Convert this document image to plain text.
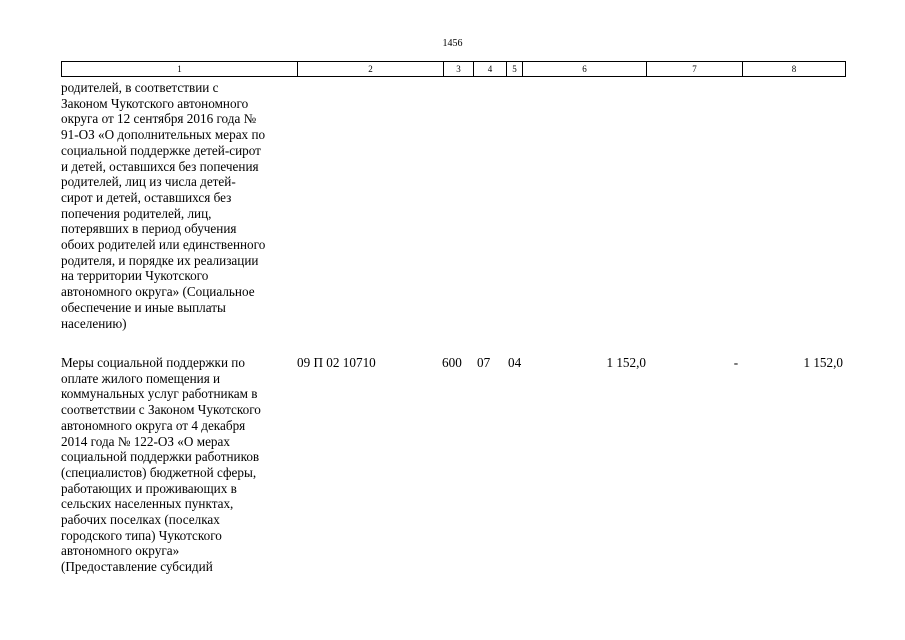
1456
1	2	3	4	5	6	7	8
родителей, в соответствии с
Законом Чукотского автономного
округа от 12 сентября 2016 года №
91-ОЗ «О дополнительных мерах по
социальной поддержке детей-сирот
и детей, оставшихся без попечения
родителей, лиц из числа детей-
сирот и детей, оставшихся без
попечения родителей, лиц,
потерявших в период обучения
обоих родителей или единственного
родителя, и порядке их реализации
на территории Чукотского
автономного округа» (Социальное
обеспечение и иные выплаты
населению)
Меры социальной поддержки по
оплате жилого помещения и
коммунальных услуг работникам в
соответствии с Законом Чукотского
автономного округа от 4 декабря
2014 года № 122-ОЗ «О мерах
социальной поддержки работников
(специалистов) бюджетной сферы,
работающих и проживающих в
сельских населенных пунктах,
рабочих поселках (поселках
городского типа) Чукотского
автономного округа»
(Предоставление субсидий
09 П 02 10710	600 07 04	1 152,0	-	1 152,0
